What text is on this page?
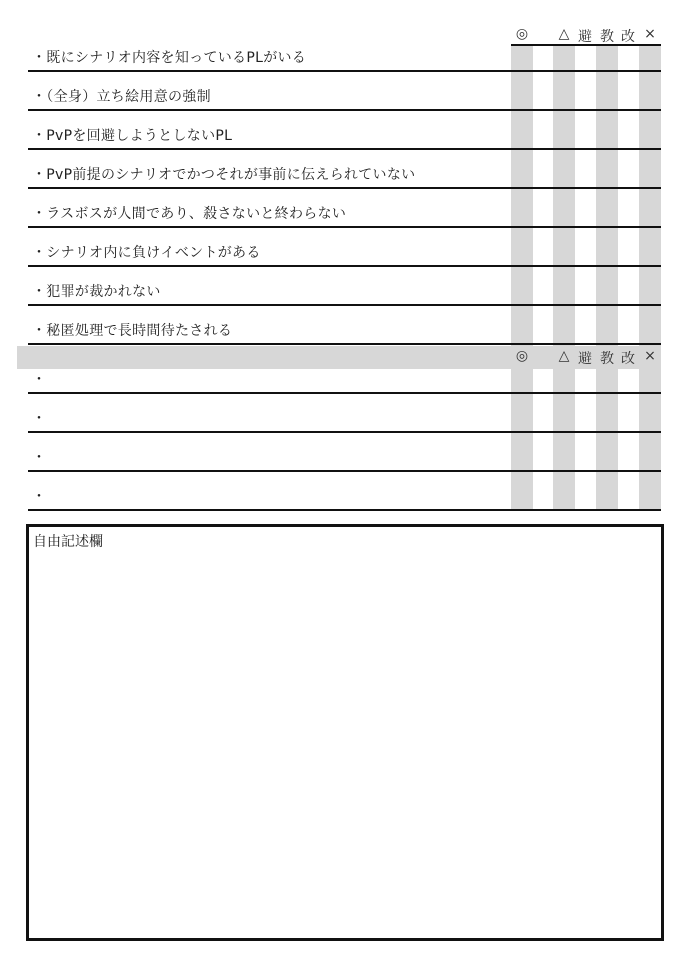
◎	△ 避 教 改 ×
・既にシナリオ内容を知っているPLがいる
・（全身）立ち絵用意の強制
・PvPを回避しようとしないPL
・PvP前提のシナリオでかつそれが事前に伝えられていない
・ラスボスが人間であり、殺さないと終わらない
・シナリオ内に負けイベントがある
・犯罪が裁かれない
・秘匿処理で長時間待たされる
◎	△ 避 教 改 ×
・
・
・
・
自由記述欄
